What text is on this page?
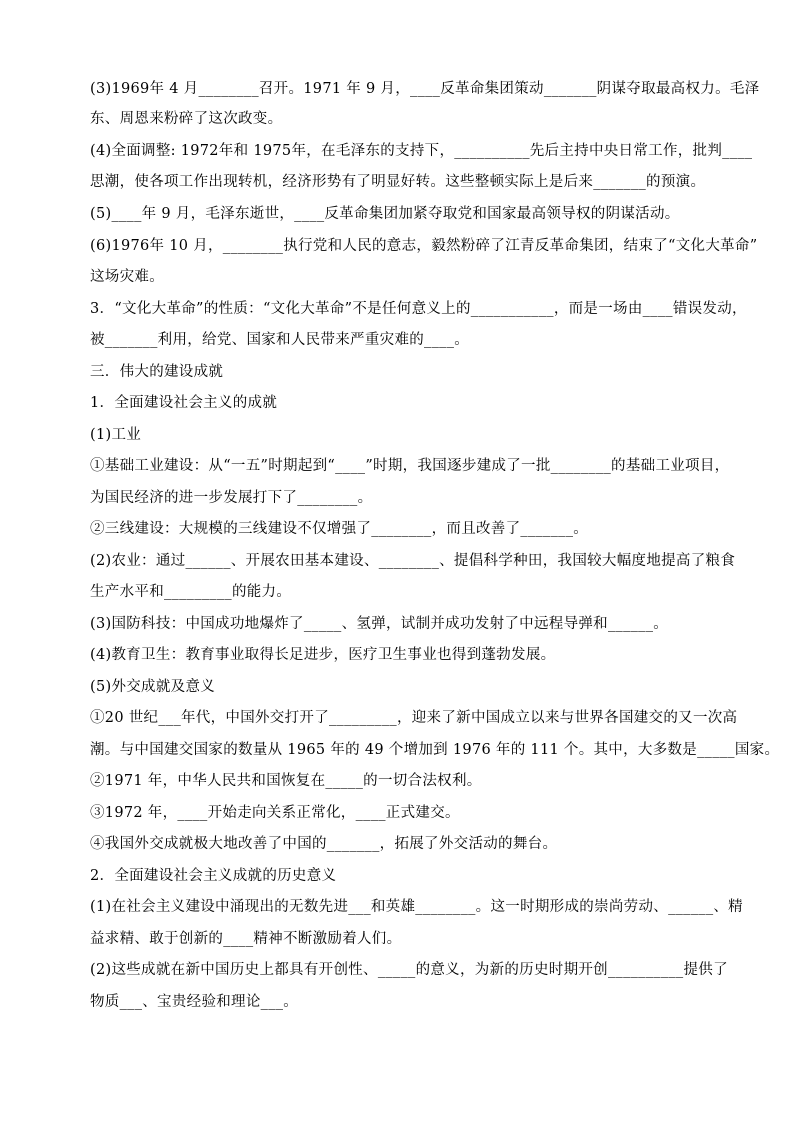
(3)1969年 4 月________召开。1971 年 9 月，____反革命集团策动_______阴谋夺取最高权力。毛泽
东、周恩来粉碎了这次政变。
(4)全面调整: 1972年和 1975年，在毛泽东的支持下，__________先后主持中央日常工作，批判____
思潮，使各项工作出现转机，经济形势有了明显好转。这些整顿实际上是后来_______的预演。
(5)____年 9 月，毛泽东逝世，____反革命集团加紧夺取党和国家最高领导权的阴谋活动。
(6)1976年 10 月，________执行党和人民的意志，毅然粉碎了江青反革命集团，结束了“文化大革命”
这场灾难。
3．“文化大革命”的性质：“文化大革命”不是任何意义上的___________，而是一场由____错误发动，
被_______利用，给党、国家和人民带来严重灾难的____。
三．伟大的建设成就
1．全面建设社会主义的成就
(1)工业
①基础工业建设：从“一五”时期起到“____”时期，我国逐步建成了一批________的基础工业项目，
为国民经济的进一步发展打下了________。
②三线建设：大规模的三线建设不仅增强了________，而且改善了_______。
(2)农业：通过______、开展农田基本建设、________、提倡科学种田，我国较大幅度地提高了粮食
生产水平和_________的能力。
(3)国防科技：中国成功地爆炸了_____、氢弹，试制并成功发射了中远程导弹和______。
(4)教育卫生：教育事业取得长足进步，医疗卫生事业也得到蓬勃发展。
(5)外交成就及意义
①20 世纪___年代，中国外交打开了_________，迎来了新中国成立以来与世界各国建交的又一次高
潮。与中国建交国家的数量从 1965 年的 49 个增加到 1976 年的 111 个。其中，大多数是_____国家。
②1971 年，中华人民共和国恢复在_____的一切合法权利。
③1972 年，____开始走向关系正常化，____正式建交。
④我国外交成就极大地改善了中国的_______，拓展了外交活动的舞台。
2．全面建设社会主义成就的历史意义
(1)在社会主义建设中涌现出的无数先进___和英雄________。这一时期形成的崇尚劳动、______、精
益求精、敢于创新的____精神不断激励着人们。
(2)这些成就在新中国历史上都具有开创性、_____的意义，为新的历史时期开创__________提供了
物质___、宝贵经验和理论___。
